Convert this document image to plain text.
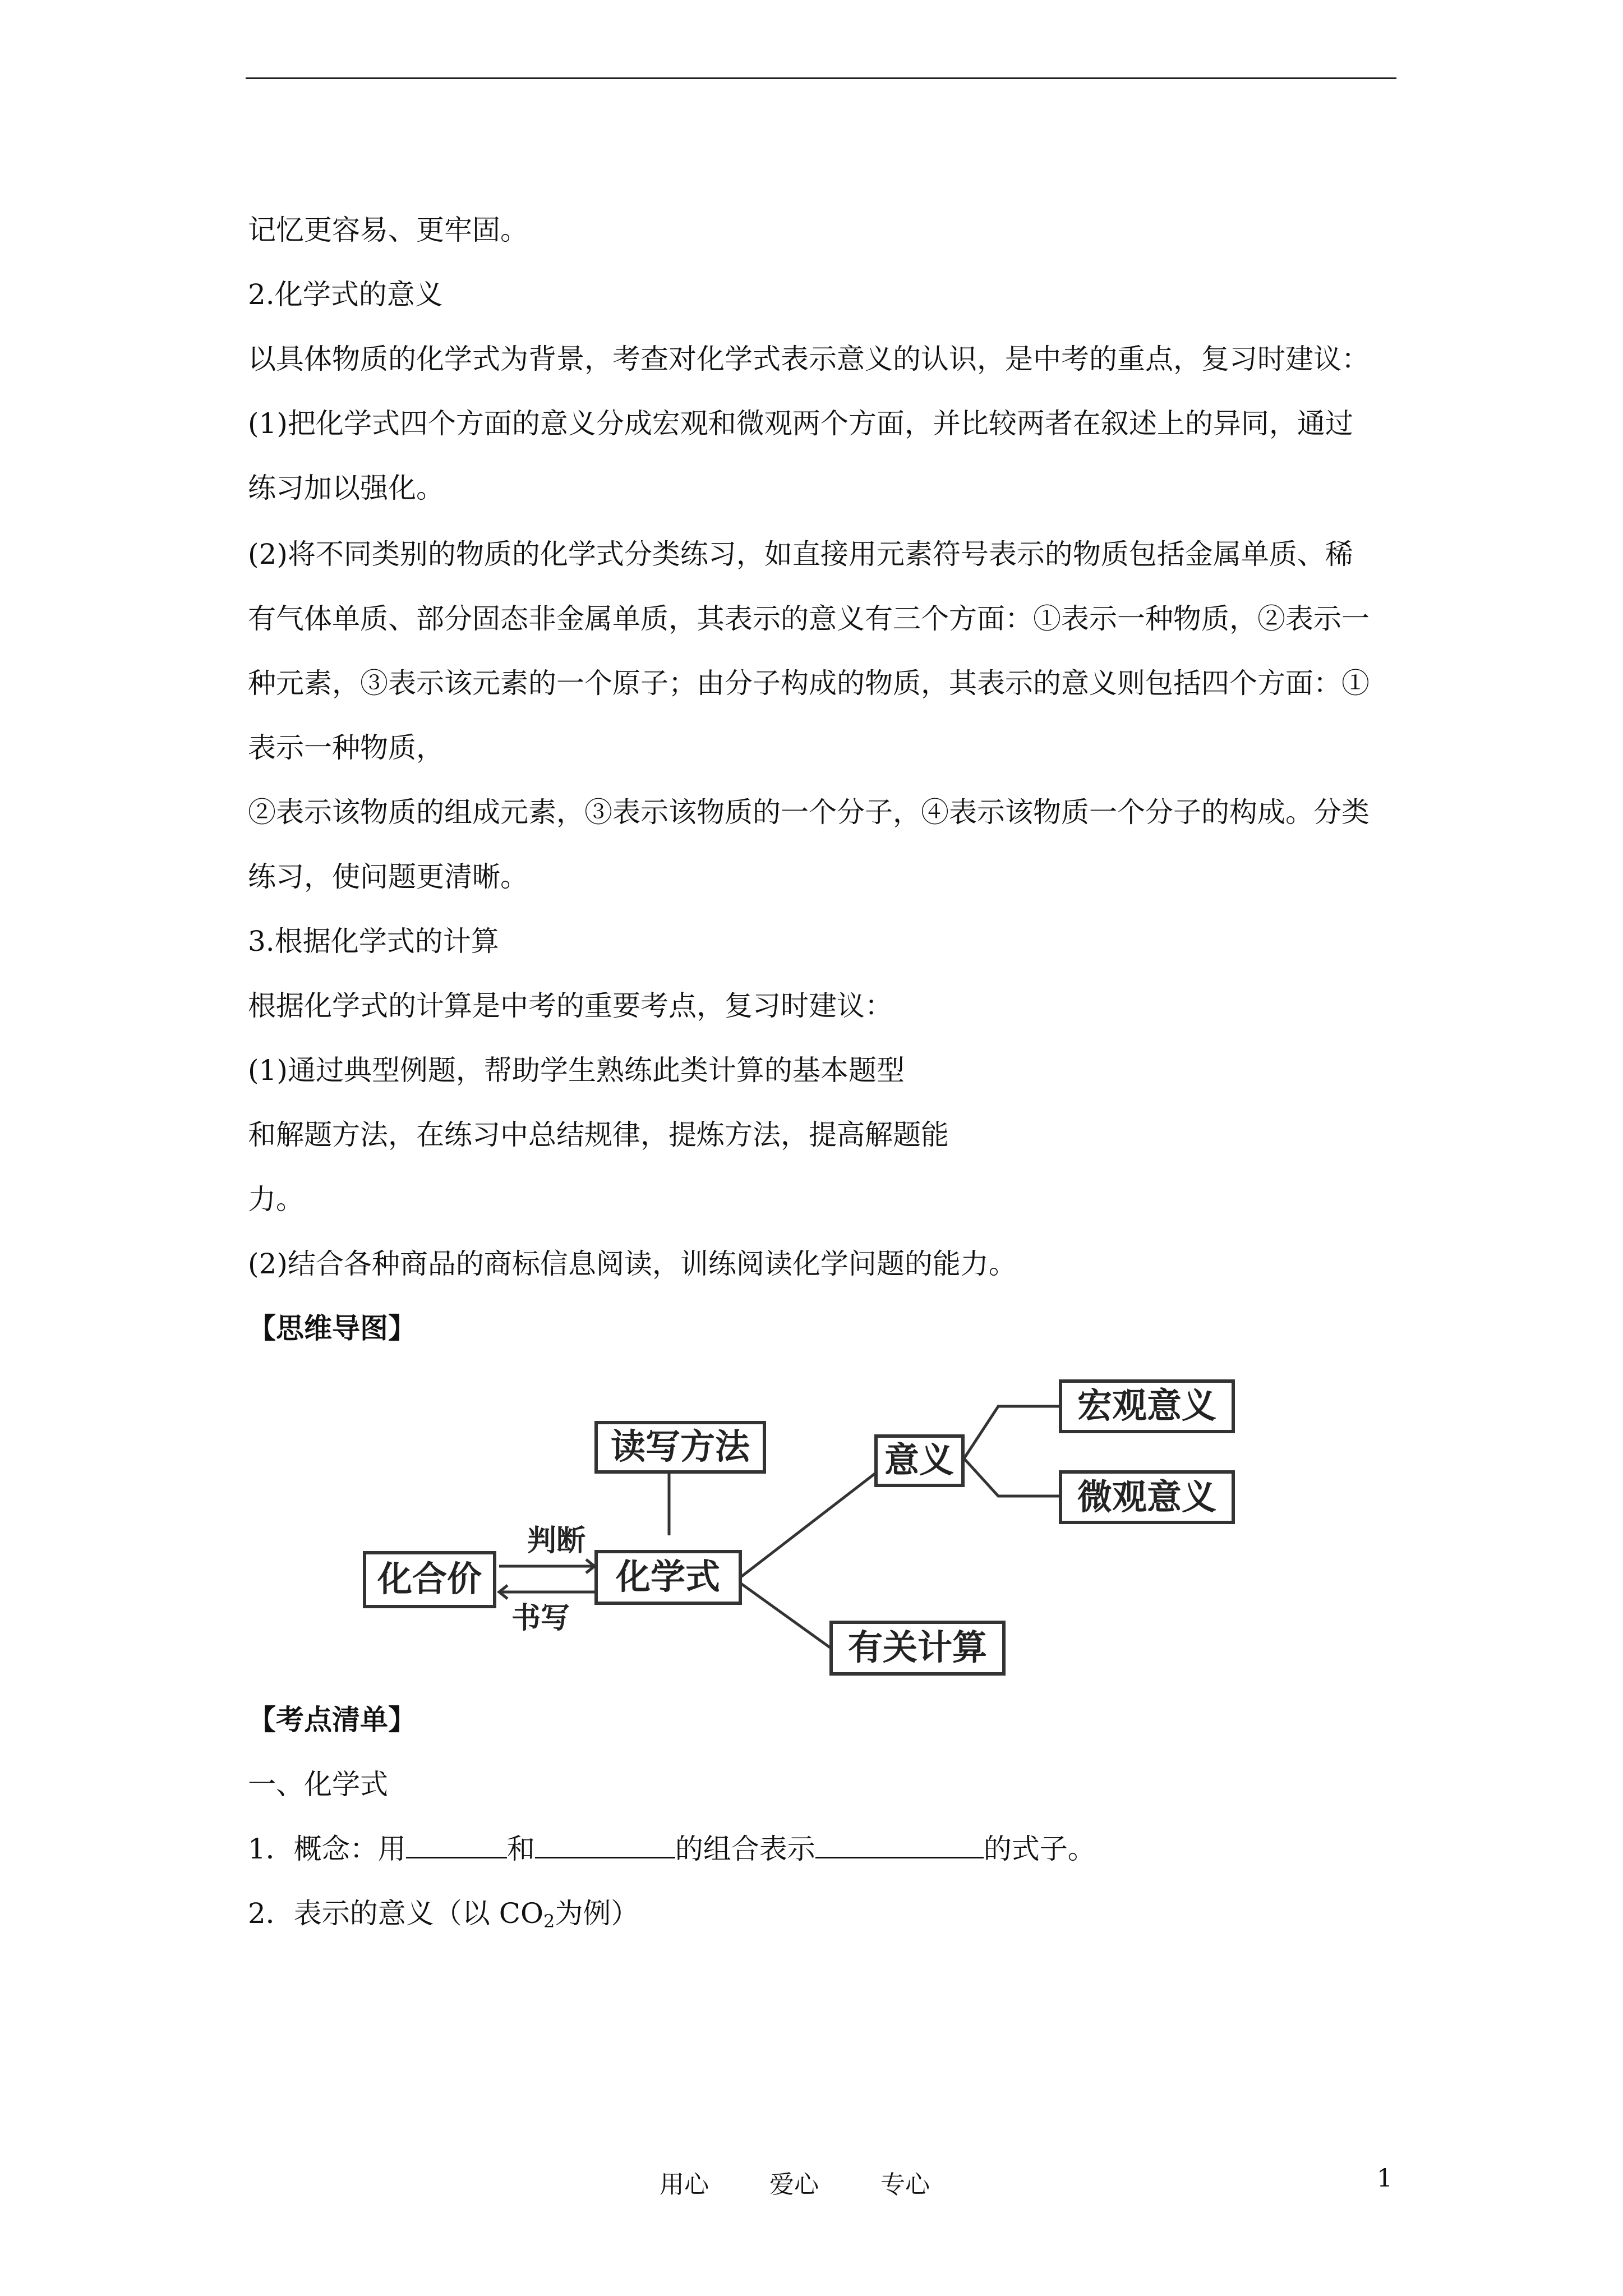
记忆更容易、更牢固。
2.化学式的意义
以具体物质的化学式为背景，考查对化学式表示意义的认识，是中考的重点，复习时建议：
(1)把化学式四个方面的意义分成宏观和微观两个方面，并比较两者在叙述上的异同，通过
练习加以强化。
(2)将不同类别的物质的化学式分类练习，如直接用元素符号表示的物质包括金属单质、稀
有气体单质、部分固态非金属单质，其表示的意义有三个方面：①表示一种物质，②表示一
种元素，③表示该元素的一个原子；由分子构成的物质，其表示的意义则包括四个方面：①
表示一种物质，
②表示该物质的组成元素，③表示该物质的一个分子，④表示该物质一个分子的构成。分类
练习，使问题更清晰。
3.根据化学式的计算
根据化学式的计算是中考的重要考点，复习时建议：
(1)通过典型例题，帮助学生熟练此类计算的基本题型
和解题方法，在练习中总结规律，提炼方法，提高解题能
力。
(2)结合各种商品的商标信息阅读，训练阅读化学问题的能力。
【思维导图】
化合价	化学式
读写方法	意义
宏观意义
微观意义
有关计算
判断
书写
【考点清单】
一、化学式
1．概念：用	和	的组合表示	的式子。
2．表示的意义（以 $CO_2$为例）
用心 爱心	专心	1
